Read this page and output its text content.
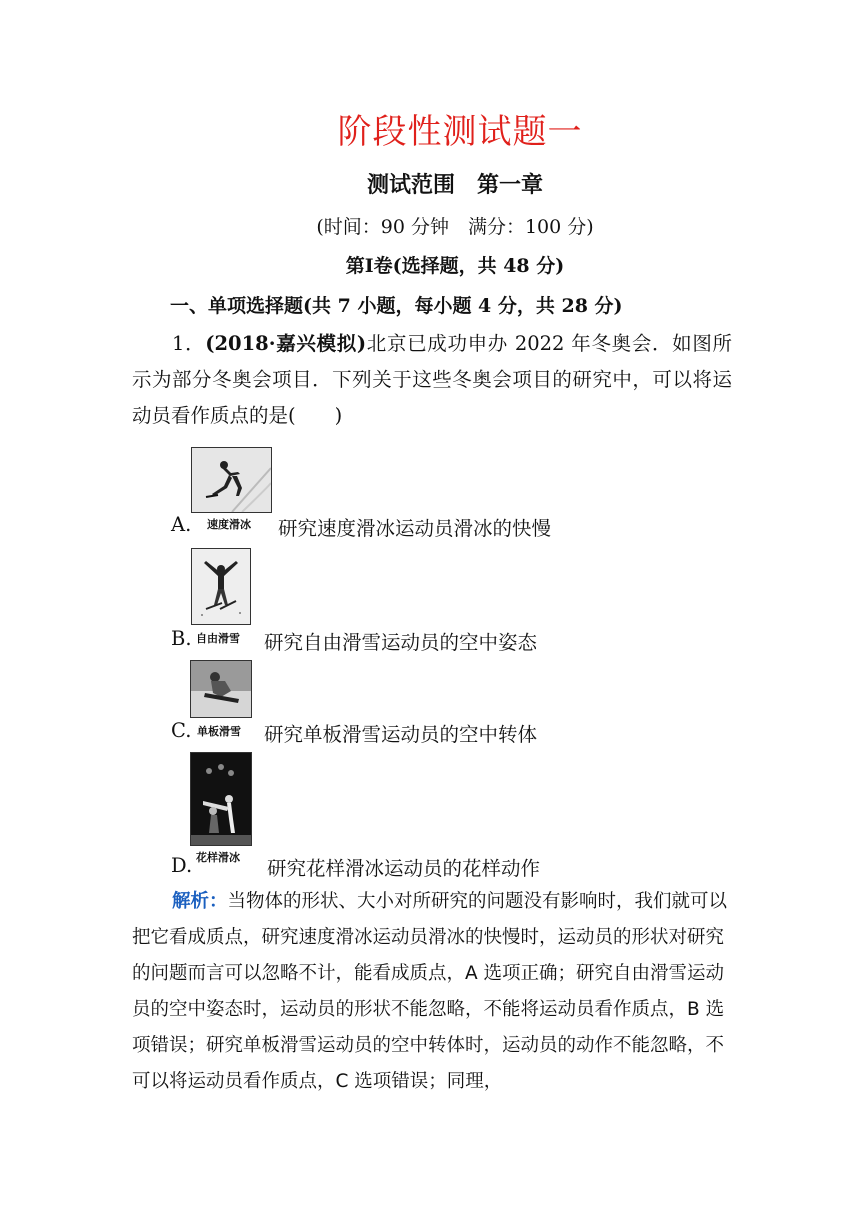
阶段性测试题一
测试范围　第一章
(时间：90 分钟　满分：100 分)
第Ⅰ卷(选择题，共 48 分)
一、单项选择题(共 7 小题，每小题 4 分，共 28 分)
1．(2018·嘉兴模拟)北京已成功申办 2022 年冬奥会．如图所示为部分冬奥会项目．下列关于这些冬奥会项目的研究中，可以将运动员看作质点的是(　　)
A. 速度滑冰 研究速度滑冰运动员滑冰的快慢
B. 自由滑雪 研究自由滑雪运动员的空中姿态
C. 单板滑雪 研究单板滑雪运动员的空中转体
D. 花样滑冰 研究花样滑冰运动员的花样动作
解析：当物体的形状、大小对所研究的问题没有影响时，我们就可以把它看成质点，研究速度滑冰运动员滑冰的快慢时，运动员的形状对研究的问题而言可以忽略不计，能看成质点，A 选项正确；研究自由滑雪运动员的空中姿态时，运动员的形状不能忽略，不能将运动员看作质点，B 选项错误；研究单板滑雪运动员的空中转体时，运动员的动作不能忽略，不可以将运动员看作质点，C 选项错误；同理，
